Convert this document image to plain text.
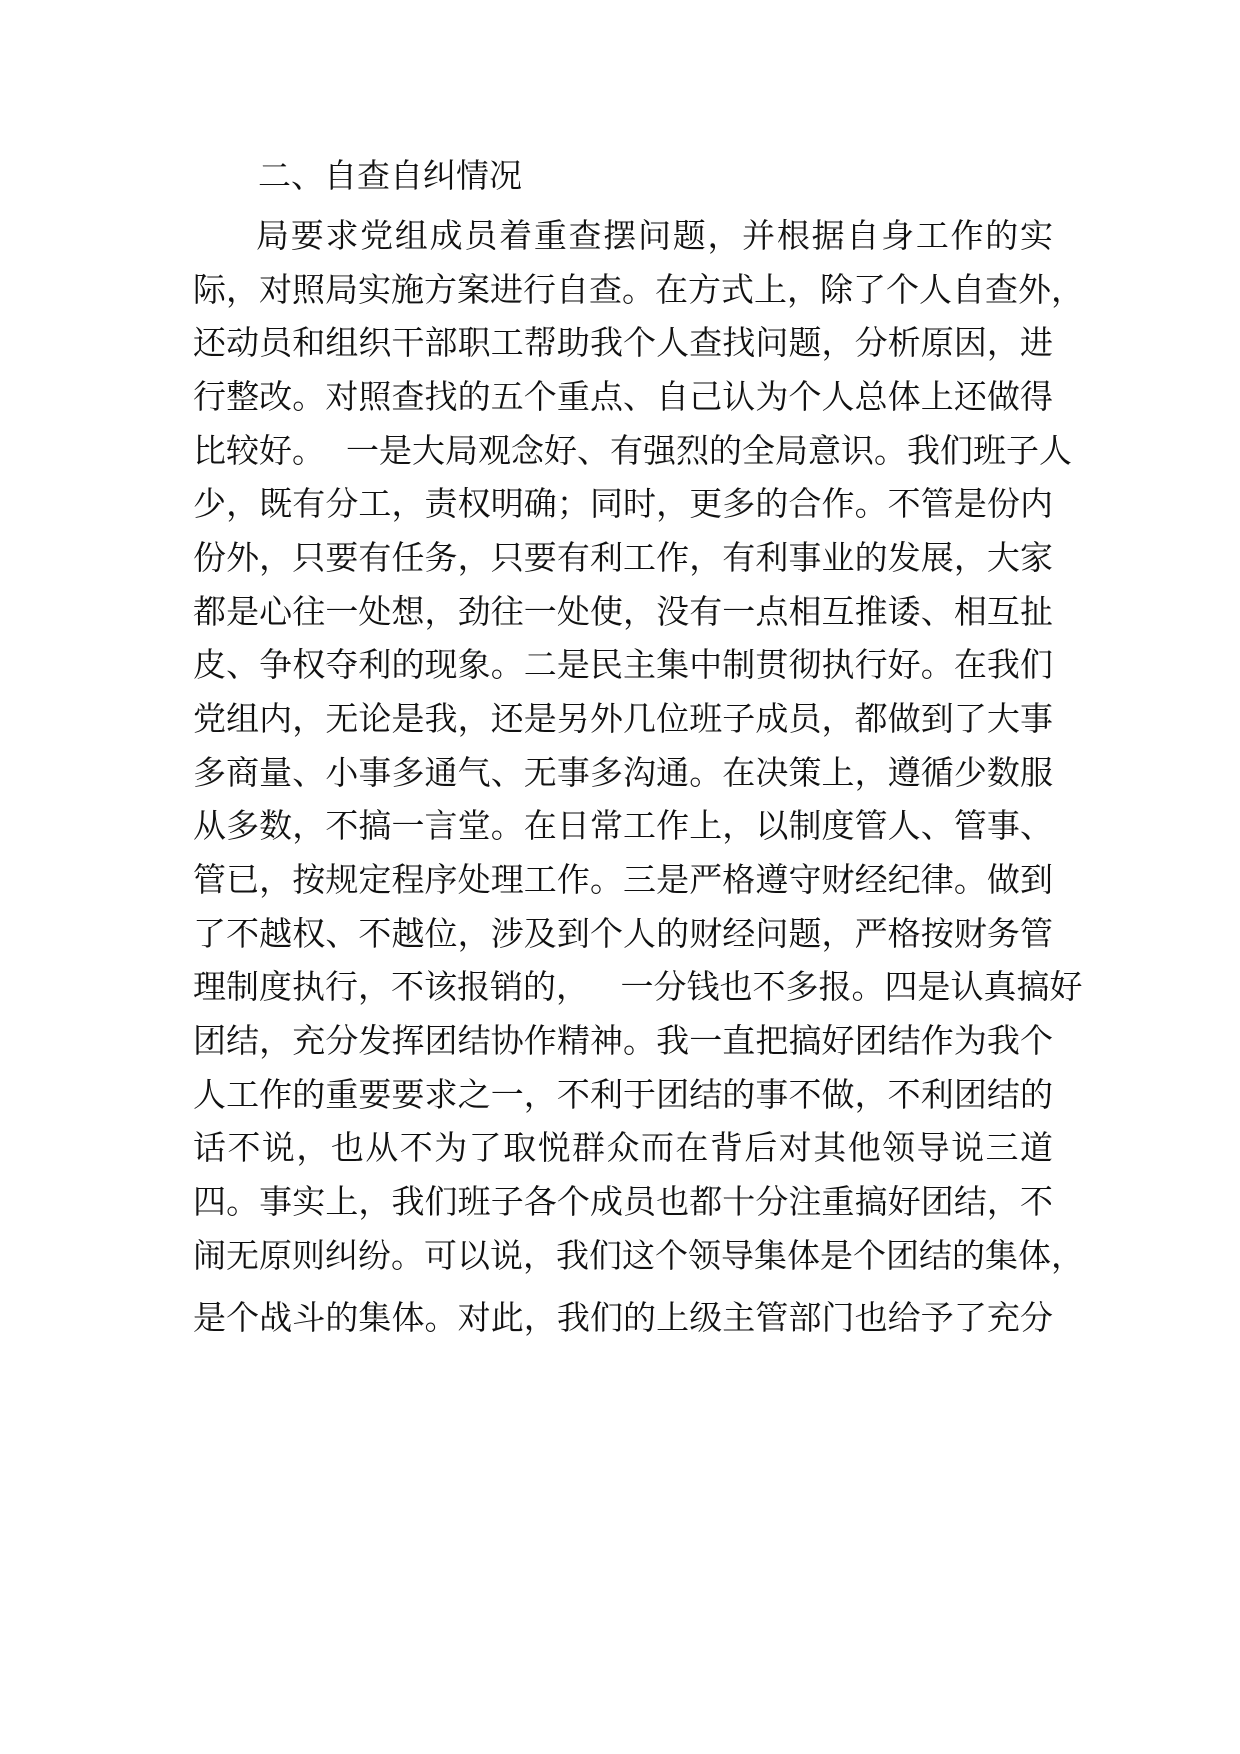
二、自查自纠情况
局要求党组成员着重查摆问题，并根据自身工作的实
际，对照局实施方案进行自查。在方式上，除了个人自查外，
还动员和组织干部职工帮助我个人查找问题，分析原因，进
行整改。对照查找的五个重点、自己认为个人总体上还做得
比较好。  一是大局观念好、有强烈的全局意识。我们班子人
少，既有分工，责权明确；同时，更多的合作。不管是份内
份外，只要有任务，只要有利工作，有利事业的发展，大家
都是心往一处想，劲往一处使，没有一点相互推诿、相互扯
皮、争权夺利的现象。二是民主集中制贯彻执行好。在我们
党组内，无论是我，还是另外几位班子成员，都做到了大事
多商量、小事多通气、无事多沟通。在决策上，遵循少数服
从多数，不搞一言堂。在日常工作上，以制度管人、管事、
管已，按规定程序处理工作。三是严格遵守财经纪律。做到
了不越权、不越位，涉及到个人的财经问题，严格按财务管
理制度执行，不该报销的，   一分钱也不多报。四是认真搞好
团结，充分发挥团结协作精神。我一直把搞好团结作为我个
人工作的重要要求之一，不利于团结的事不做，不利团结的
话不说，也从不为了取悦群众而在背后对其他领导说三道
四。事实上，我们班子各个成员也都十分注重搞好团结，不
闹无原则纠纷。可以说，我们这个领导集体是个团结的集体，
是个战斗的集体。对此，我们的上级主管部门也给予了充分
